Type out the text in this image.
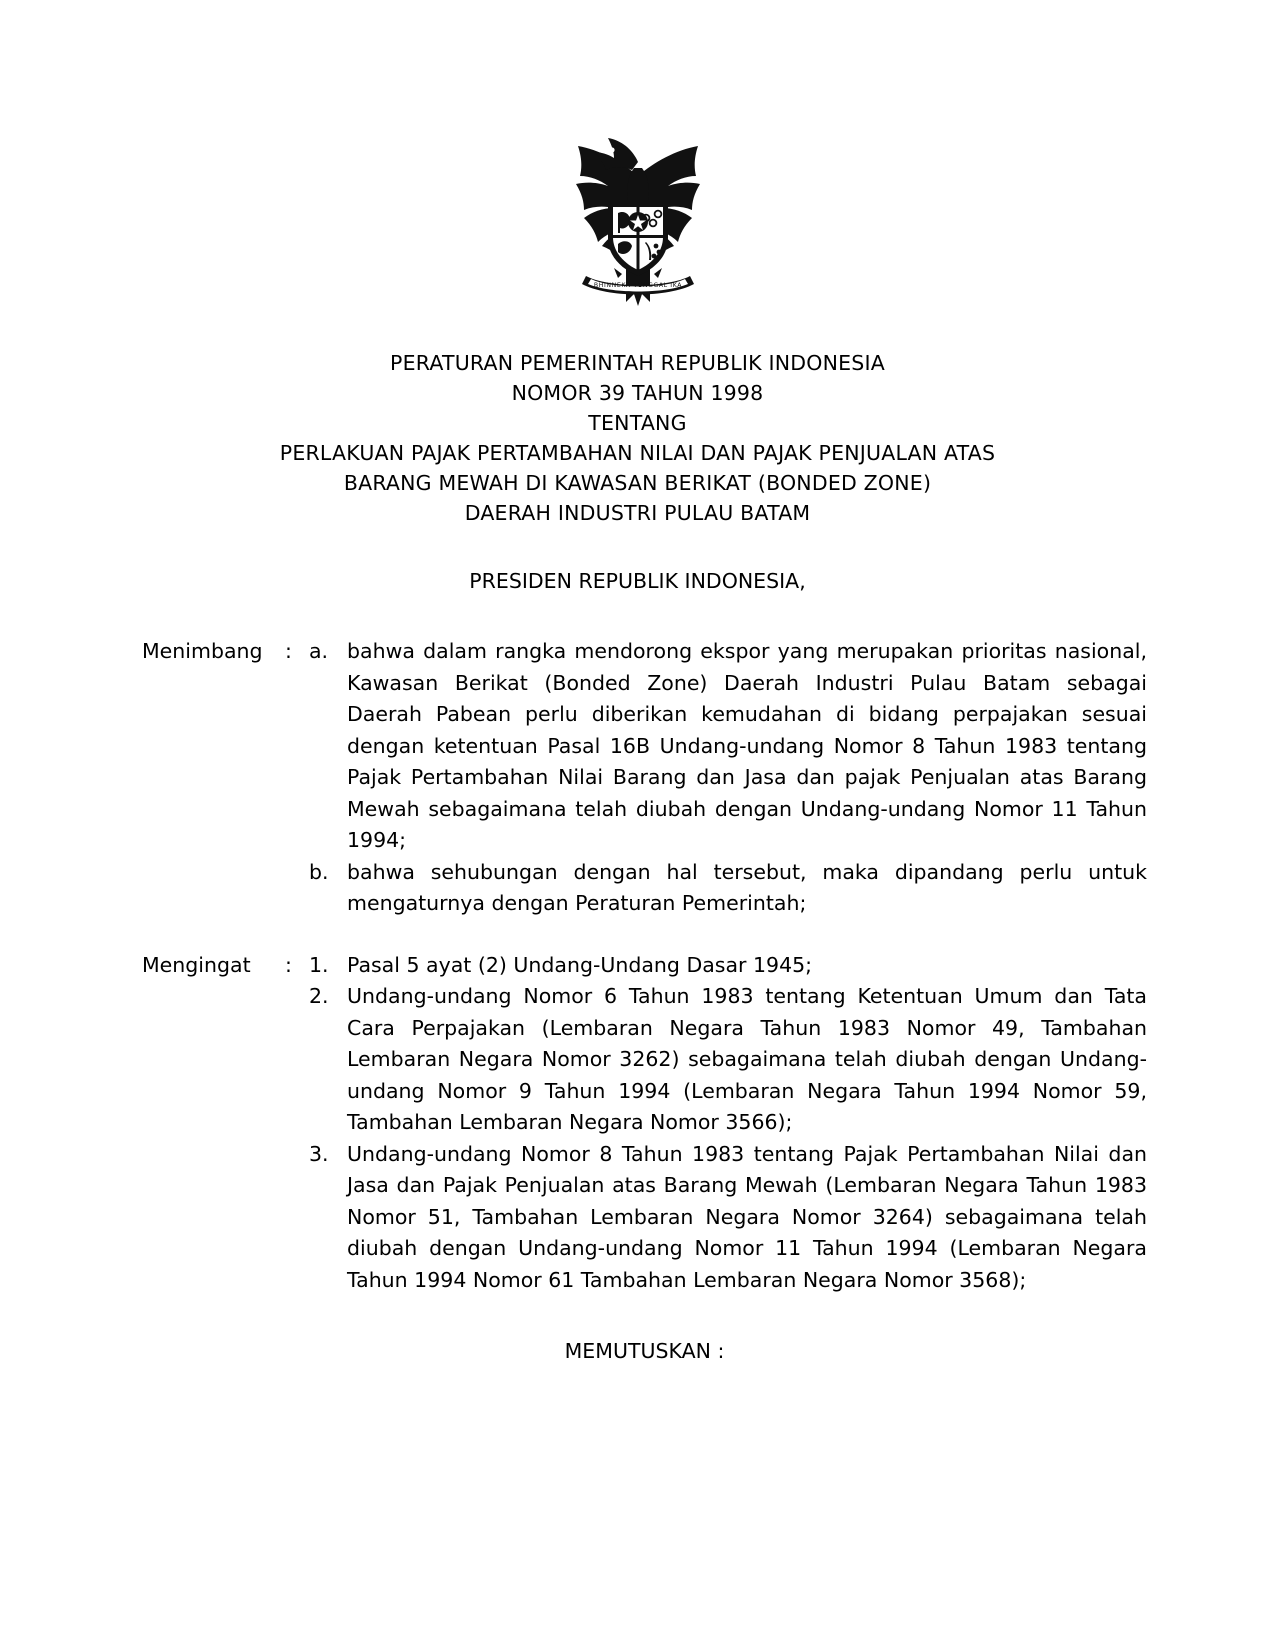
BHINNEKA TUNGGAL IKA
PERATURAN PEMERINTAH REPUBLIK INDONESIA
NOMOR 39 TAHUN 1998
TENTANG
PERLAKUAN PAJAK PERTAMBAHAN NILAI DAN PAJAK PENJUALAN ATAS
BARANG MEWAH DI KAWASAN BERIKAT (BONDED ZONE)
DAERAH INDUSTRI PULAU BATAM
PRESIDEN REPUBLIK INDONESIA,
Menimbang	: a. bahwa dalam rangka mendorong ekspor yang merupakan prioritas nasional, Kawasan Berikat (Bonded Zone) Daerah Industri Pulau Batam sebagai Daerah Pabean perlu diberikan kemudahan di bidang perpajakan sesuai dengan ketentuan Pasal 16B Undang-undang Nomor 8 Tahun 1983 tentang Pajak Pertambahan Nilai Barang dan Jasa dan pajak Penjualan atas Barang Mewah sebagaimana telah diubah dengan Undang-undang Nomor 11 Tahun 1994;
b. bahwa sehubungan dengan hal tersebut, maka dipandang perlu untuk mengaturnya dengan Peraturan Pemerintah;
Mengingat	: 1. Pasal 5 ayat (2) Undang-Undang Dasar 1945;
2. Undang-undang Nomor 6 Tahun 1983 tentang Ketentuan Umum dan Tata Cara Perpajakan (Lembaran Negara Tahun 1983 Nomor 49, Tambahan Lembaran Negara Nomor 3262) sebagaimana telah diubah dengan Undang-undang Nomor 9 Tahun 1994 (Lembaran Negara Tahun 1994 Nomor 59, Tambahan Lembaran Negara Nomor 3566);
3. Undang-undang Nomor 8 Tahun 1983 tentang Pajak Pertambahan Nilai dan Jasa dan Pajak Penjualan atas Barang Mewah (Lembaran Negara Tahun 1983 Nomor 51, Tambahan Lembaran Negara Nomor 3264) sebagaimana telah diubah dengan Undang-undang Nomor 11 Tahun 1994 (Lembaran Negara Tahun 1994 Nomor 61 Tambahan Lembaran Negara Nomor 3568);
MEMUTUSKAN :
